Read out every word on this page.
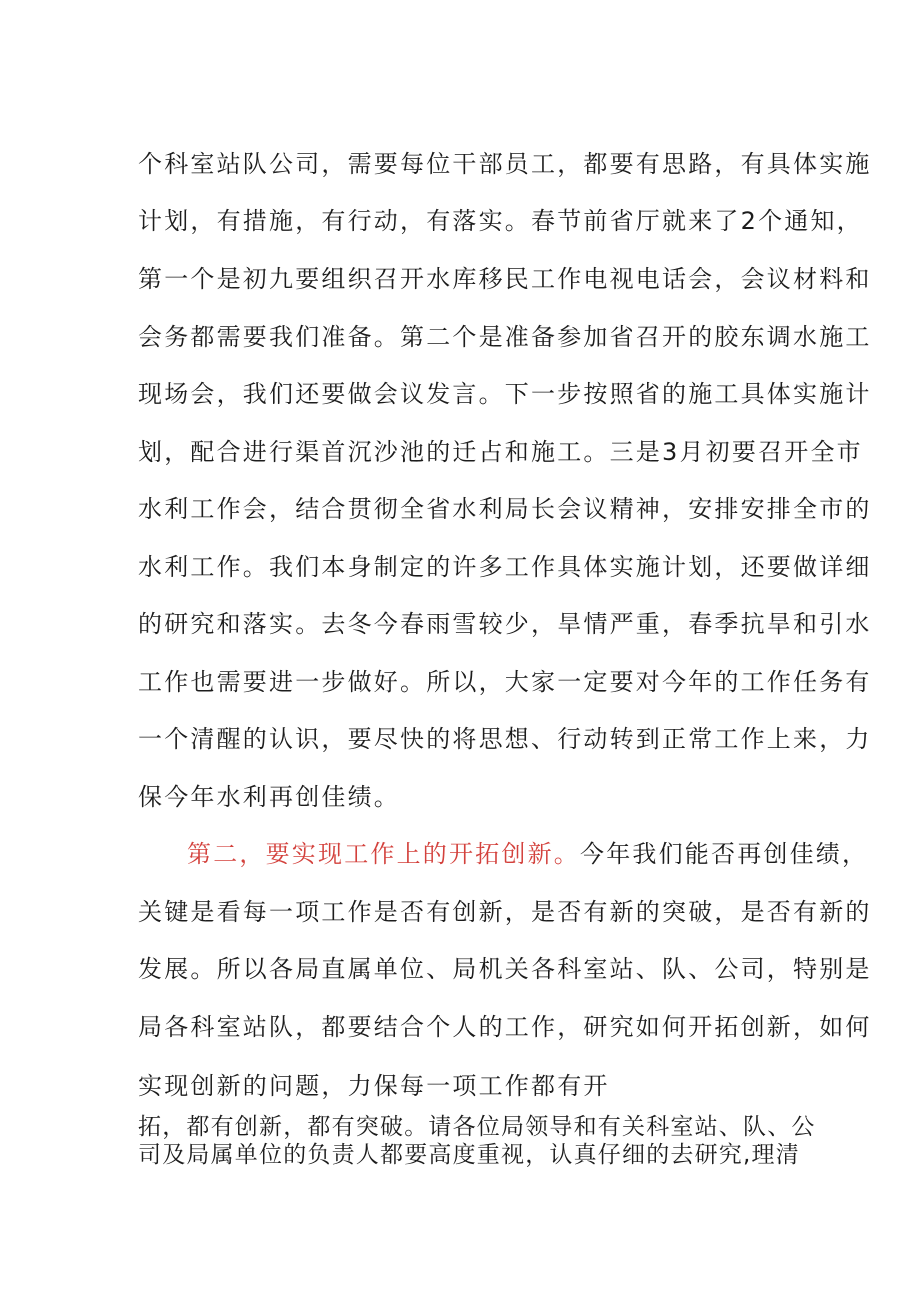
个科室站队公司，需要每位干部员工，都要有思路，有具体实施
计划，有措施，有行动，有落实。春节前省厅就来了2个通知，
第一个是初九要组织召开水库移民工作电视电话会，会议材料和
会务都需要我们准备。第二个是准备参加省召开的胶东调水施工
现场会，我们还要做会议发言。下一步按照省的施工具体实施计
划，配合进行渠首沉沙池的迁占和施工。三是3月初要召开全市
水利工作会，结合贯彻全省水利局长会议精神，安排安排全市的
水利工作。我们本身制定的许多工作具体实施计划，还要做详细
的研究和落实。去冬今春雨雪较少，旱情严重，春季抗旱和引水
工作也需要进一步做好。所以，大家一定要对今年的工作任务有
一个清醒的认识，要尽快的将思想、行动转到正常工作上来，力
保今年水利再创佳绩。
第二，要实现工作上的开拓创新。今年我们能否再创佳绩，
关键是看每一项工作是否有创新，是否有新的突破，是否有新的
发展。所以各局直属单位、局机关各科室站、队、公司，特别是
局各科室站队，都要结合个人的工作，研究如何开拓创新，如何
实现创新的问题，力保每一项工作都有开
拓，都有创新，都有突破。请各位局领导和有关科室站、队、公
司及局属单位的负责人都要高度重视，认真仔细的去研究,理清
